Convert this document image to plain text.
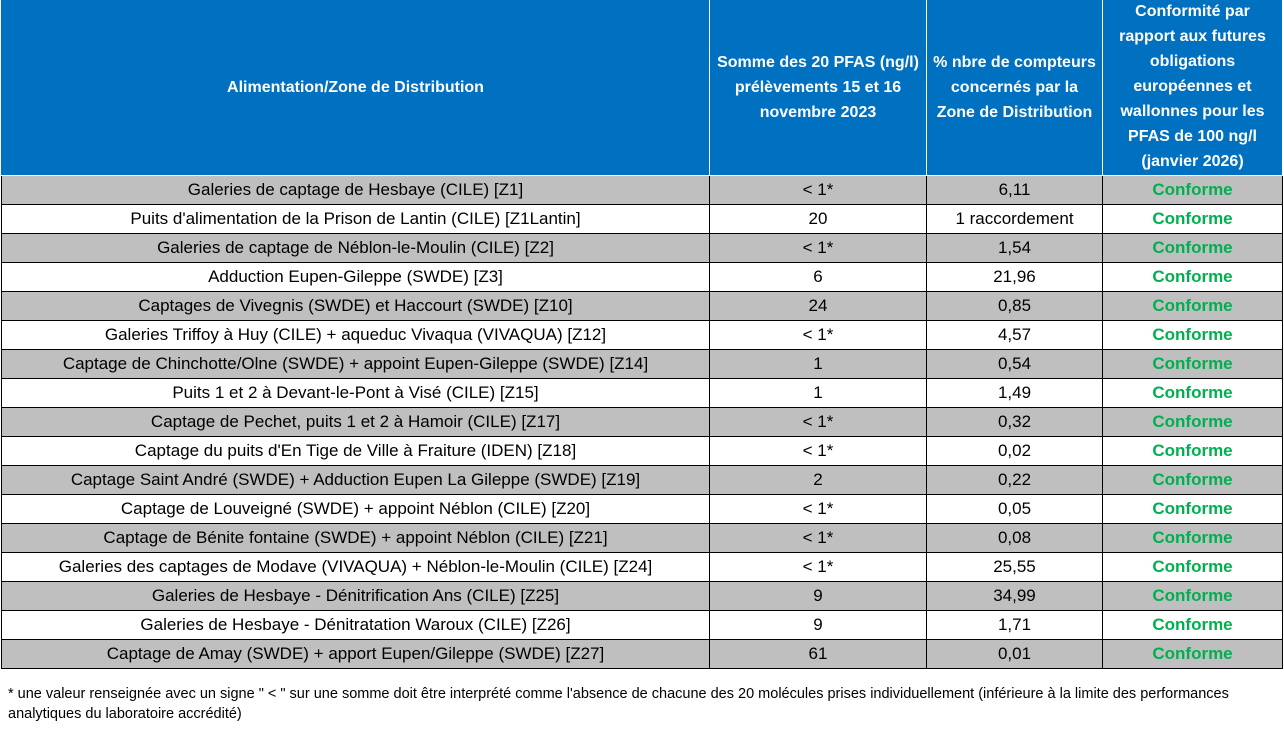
Alimentation/Zone de Distribution	Somme des 20 PFAS (ng/l) prélèvements 15 et 16 novembre 2023	% nbre de compteurs concernés par la Zone de Distribution	Conformité par rapport aux futures obligations européennes et wallonnes pour les PFAS de 100 ng/l (janvier 2026)
Galeries de captage de Hesbaye (CILE) [Z1]	< 1*	6,11	Conforme
Puits d'alimentation de la Prison de Lantin (CILE) [Z1Lantin]	20	1 raccordement	Conforme
Galeries de captage de Néblon-le-Moulin (CILE) [Z2]	< 1*	1,54	Conforme
Adduction Eupen-Gileppe (SWDE) [Z3]	6	21,96	Conforme
Captages de Vivegnis (SWDE) et Haccourt (SWDE) [Z10]	24	0,85	Conforme
Galeries Triffoy à Huy (CILE) + aqueduc Vivaqua (VIVAQUA) [Z12]	< 1*	4,57	Conforme
Captage de Chinchotte/Olne (SWDE) + appoint Eupen-Gileppe (SWDE) [Z14]	1	0,54	Conforme
Puits 1 et 2 à Devant-le-Pont à Visé (CILE) [Z15]	1	1,49	Conforme
Captage de Pechet, puits 1 et 2 à Hamoir (CILE) [Z17]	< 1*	0,32	Conforme
Captage du puits d'En Tige de Ville à Fraiture (IDEN) [Z18]	< 1*	0,02	Conforme
Captage Saint André (SWDE) + Adduction Eupen La Gileppe (SWDE) [Z19]	2	0,22	Conforme
Captage de Louveigné (SWDE) + appoint Néblon (CILE) [Z20]	< 1*	0,05	Conforme
Captage de Bénite fontaine (SWDE) + appoint Néblon (CILE) [Z21]	< 1*	0,08	Conforme
Galeries des captages de Modave (VIVAQUA) + Néblon-le-Moulin (CILE) [Z24]	< 1*	25,55	Conforme
Galeries de Hesbaye - Dénitrification Ans (CILE) [Z25]	9	34,99	Conforme
Galeries de Hesbaye - Dénitratation Waroux (CILE) [Z26]	9	1,71	Conforme
Captage de Amay (SWDE) + apport Eupen/Gileppe (SWDE) [Z27]	61	0,01	Conforme
* une valeur renseignée avec un signe " < " sur une somme doit être interprété comme l'absence de chacune des 20 molécules prises individuellement (inférieure à la limite des performances analytiques du laboratoire accrédité)
